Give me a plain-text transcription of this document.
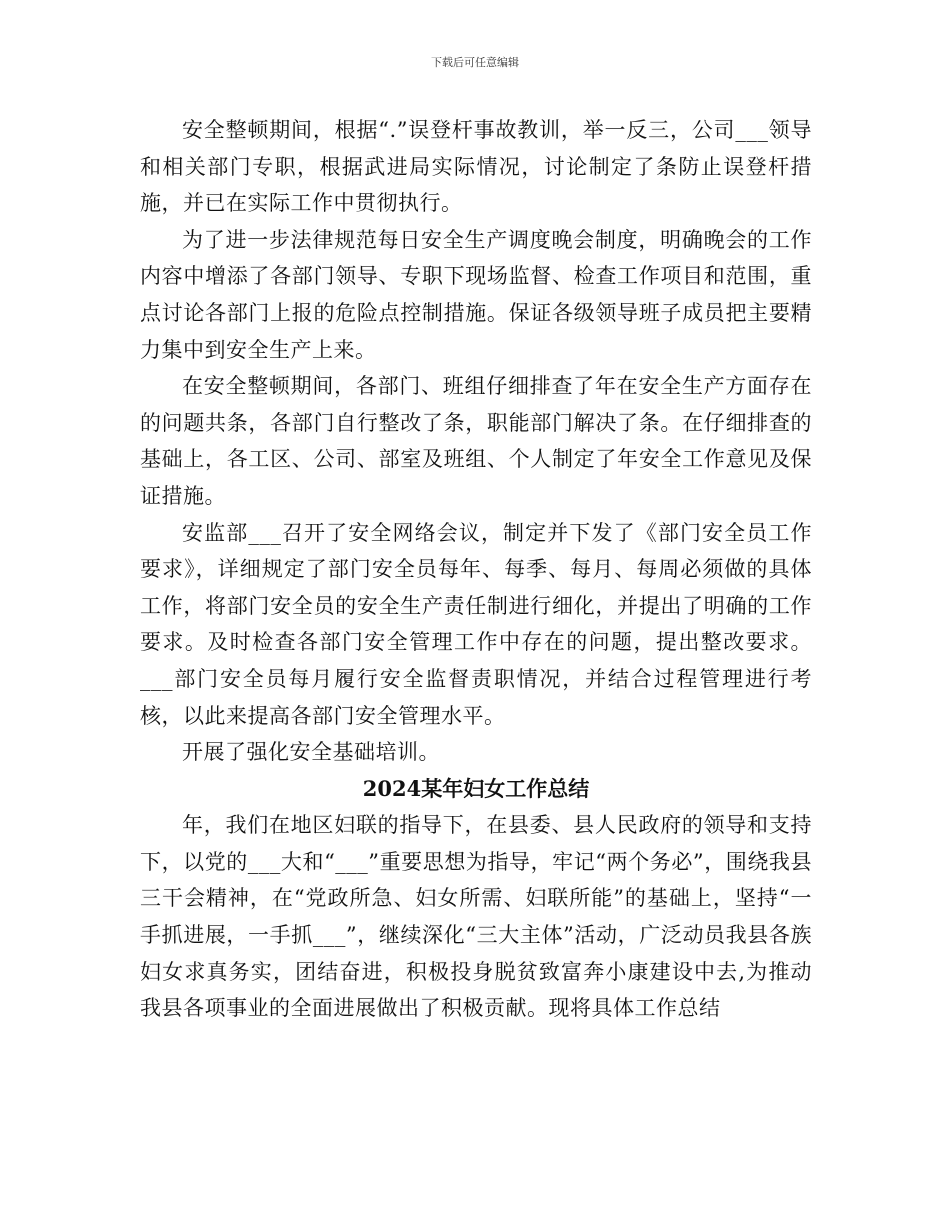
下载后可任意编辑

安全整顿期间，根据“.”误登杆事故教训，举一反三，公司___领导和相关部门专职，根据武进局实际情况，讨论制定了条防止误登杆措施，并已在实际工作中贯彻执行。

为了进一步法律规范每日安全生产调度晚会制度，明确晚会的工作内容中增添了各部门领导、专职下现场监督、检查工作项目和范围，重点讨论各部门上报的危险点控制措施。保证各级领导班子成员把主要精力集中到安全生产上来。

在安全整顿期间，各部门、班组仔细排查了年在安全生产方面存在的问题共条，各部门自行整改了条，职能部门解决了条。在仔细排查的基础上，各工区、公司、部室及班组、个人制定了年安全工作意见及保证措施。

安监部___召开了安全网络会议，制定并下发了《部门安全员工作要求》，详细规定了部门安全员每年、每季、每月、每周必须做的具体工作，将部门安全员的安全生产责任制进行细化，并提出了明确的工作要求。及时检查各部门安全管理工作中存在的问题，提出整改要求。___部门安全员每月履行安全监督责职情况，并结合过程管理进行考核，以此来提高各部门安全管理水平。

开展了强化安全基础培训。

2024某年妇女工作总结

年，我们在地区妇联的指导下，在县委、县人民政府的领导和支持下，以党的___大和“___”重要思想为指导，牢记“两个务必”，围绕我县三干会精神，在“党政所急、妇女所需、妇联所能”的基础上，坚持“一手抓进展，一手抓___”，继续深化“三大主体”活动，广泛动员我县各族妇女求真务实，团结奋进，积极投身脱贫致富奔小康建设中去,为推动我县各项事业的全面进展做出了积极贡献。现将具体工作总结
